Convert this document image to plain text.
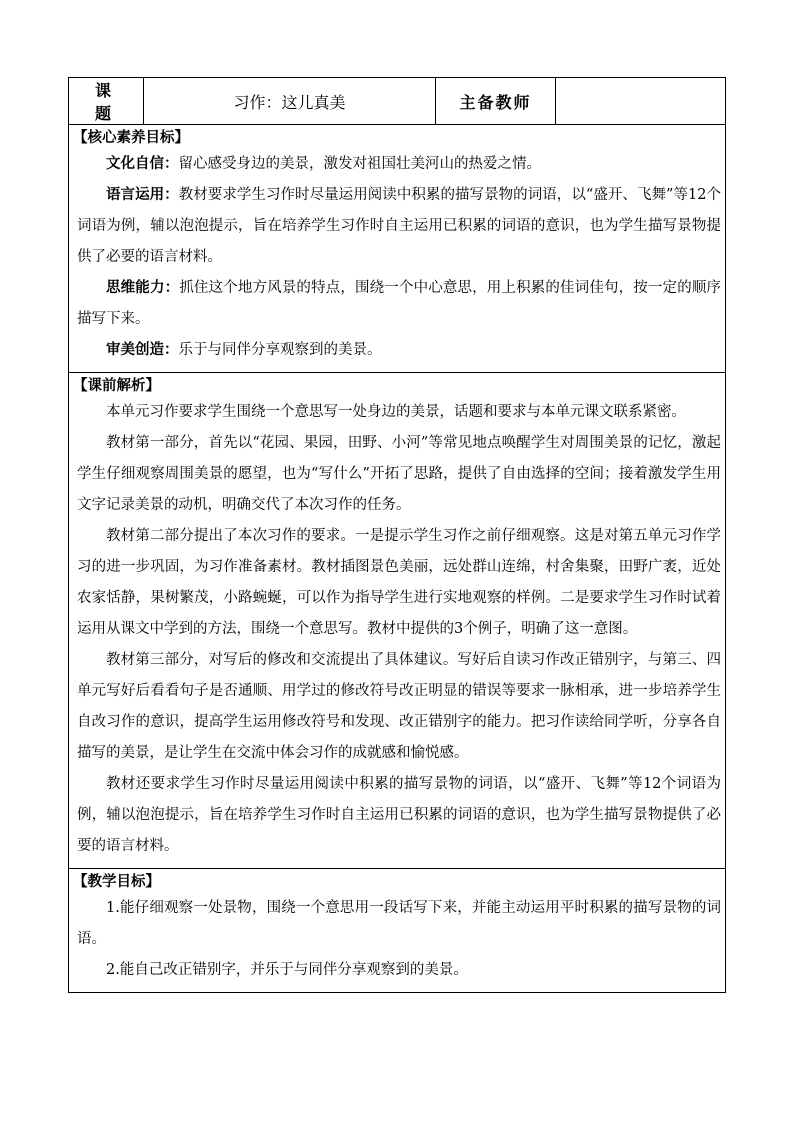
课 题	习作：这儿真美	主备教师	

【核心素养目标】

文化自信：留心感受身边的美景，激发对祖国壮美河山的热爱之情。

语言运用：教材要求学生习作时尽量运用阅读中积累的描写景物的词语，以“盛开、飞舞”等12个词语为例，辅以泡泡提示，旨在培养学生习作时自主运用已积累的词语的意识，也为学生描写景物提供了必要的语言材料。

思维能力：抓住这个地方风景的特点，围绕一个中心意思，用上积累的佳词佳句，按一定的顺序描写下来。

审美创造：乐于与同伴分享观察到的美景。

【课前解析】

本单元习作要求学生围绕一个意思写一处身边的美景，话题和要求与本单元课文联系紧密。

教材第一部分，首先以“花园、果园，田野、小河”等常见地点唤醒学生对周围美景的记忆，激起学生仔细观察周围美景的愿望，也为“写什么”开拓了思路，提供了自由选择的空间；接着激发学生用文字记录美景的动机，明确交代了本次习作的任务。

教材第二部分提出了本次习作的要求。一是提示学生习作之前仔细观察。这是对第五单元习作学习的进一步巩固，为习作准备素材。教材插图景色美丽，远处群山连绵，村舍集聚，田野广袤，近处农家恬静，果树繁茂，小路蜿蜒，可以作为指导学生进行实地观察的样例。二是要求学生习作时试着运用从课文中学到的方法，围绕一个意思写。教材中提供的3个例子，明确了这一意图。

教材第三部分，对写后的修改和交流提出了具体建议。写好后自读习作改正错别字，与第三、四单元写好后看看句子是否通顺、用学过的修改符号改正明显的错误等要求一脉相承，进一步培养学生自改习作的意识，提高学生运用修改符号和发现、改正错别字的能力。把习作读给同学听，分享各自描写的美景，是让学生在交流中体会习作的成就感和愉悦感。

教材还要求学生习作时尽量运用阅读中积累的描写景物的词语，以“盛开、飞舞”等12个词语为例，辅以泡泡提示，旨在培养学生习作时自主运用已积累的词语的意识，也为学生描写景物提供了必要的语言材料。

【教学目标】

1.能仔细观察一处景物，围绕一个意思用一段话写下来，并能主动运用平时积累的描写景物的词语。

2.能自己改正错别字，并乐于与同伴分享观察到的美景。
